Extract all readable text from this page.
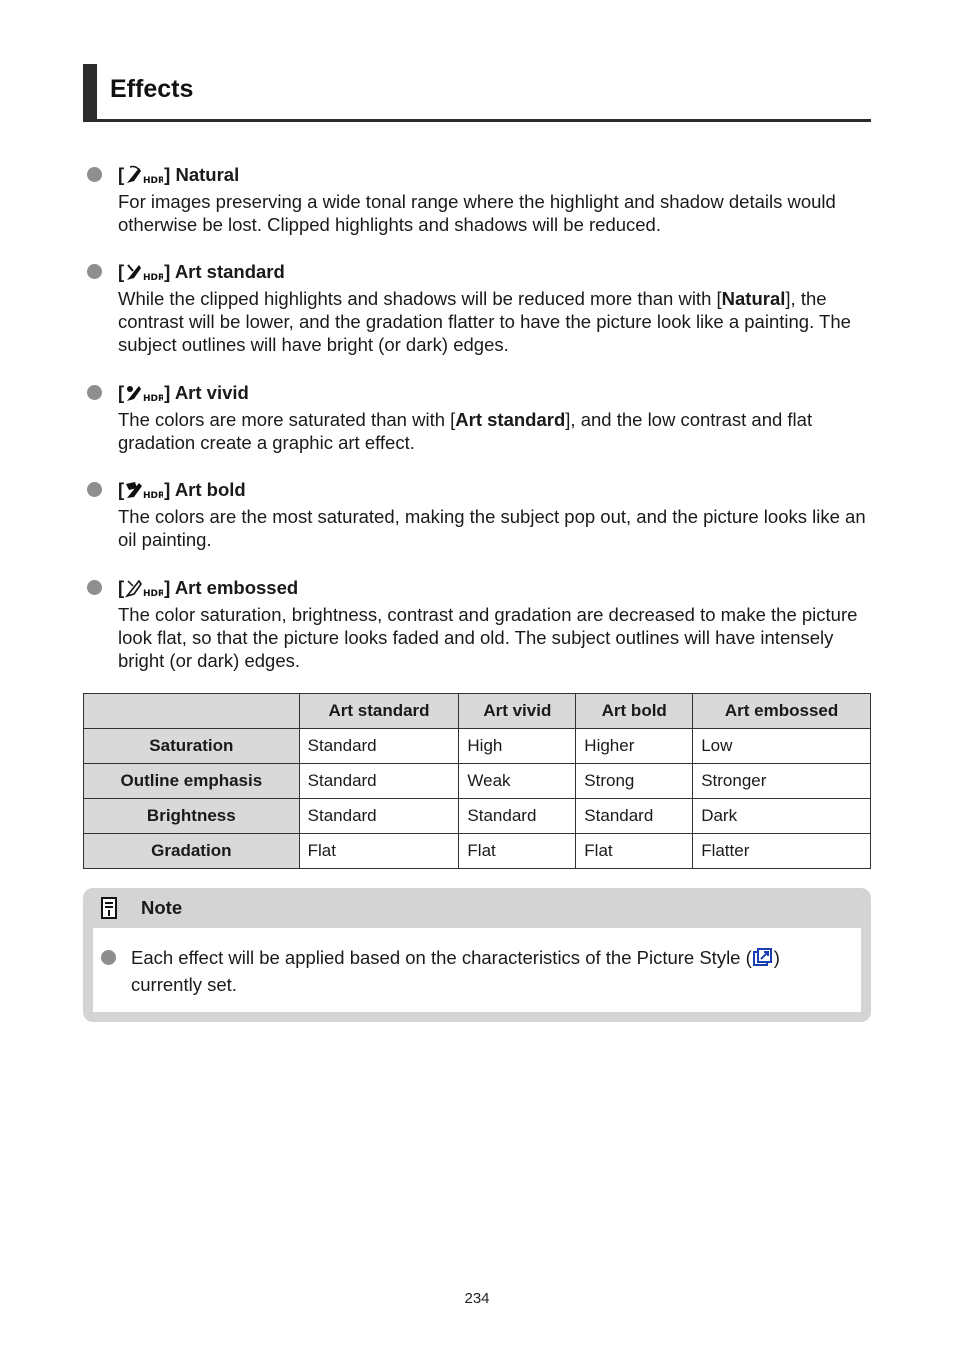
Effects
[ HDR ] Natural
For images preserving a wide tonal range where the highlight and shadow details would otherwise be lost. Clipped highlights and shadows will be reduced.
[ HDR ] Art standard
While the clipped highlights and shadows will be reduced more than with [Natural], the contrast will be lower, and the gradation flatter to have the picture look like a painting. The subject outlines will have bright (or dark) edges.
[ HDR ] Art vivid
The colors are more saturated than with [Art standard], and the low contrast and flat gradation create a graphic art effect.
[ HDR ] Art bold
The colors are the most saturated, making the subject pop out, and the picture looks like an oil painting.
[ HDR ] Art embossed
The color saturation, brightness, contrast and gradation are decreased to make the picture look flat, so that the picture looks faded and old. The subject outlines will have intensely bright (or dark) edges.
	Art standard	Art vivid	Art bold	Art embossed
Saturation	Standard	High	Higher	Low
Outline emphasis	Standard	Weak	Strong	Stronger
Brightness	Standard	Standard	Standard	Dark
Gradation	Flat	Flat	Flat	Flatter
Note
Each effect will be applied based on the characteristics of the Picture Style ( ) currently set.
234
